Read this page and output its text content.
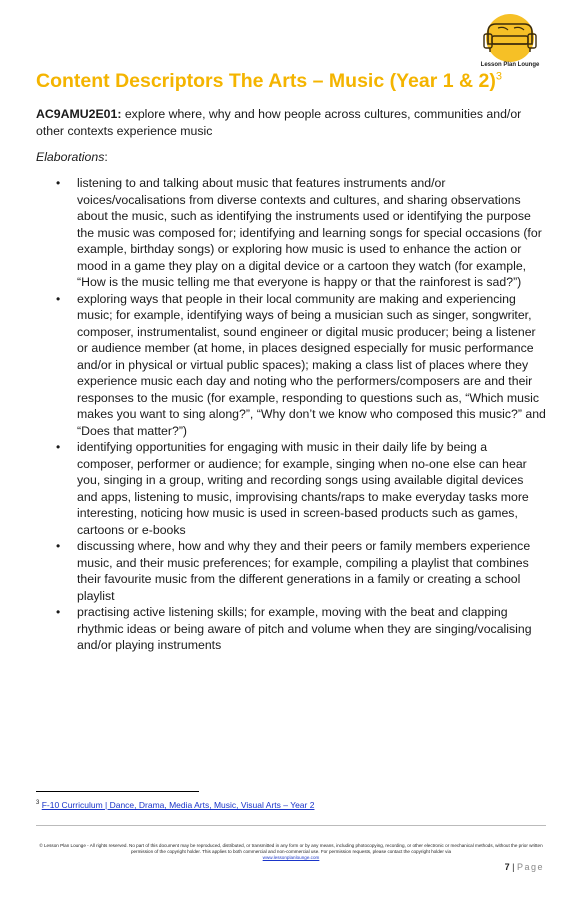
Lesson Plan Lounge
Content Descriptors The Arts – Music (Year 1 & 2)$^3$
AC9AMU2E01: explore where, why and how people across cultures, communities and/or other contexts experience music
Elaborations:
• listening to and talking about music that features instruments and/or voices/vocalisations from diverse contexts and cultures, and sharing observations about the music, such as identifying the instruments used or identifying the purpose the music was composed for; identifying and learning songs for special occasions (for example, birthday songs) or exploring how music is used to enhance the action or mood in a game they play on a digital device or a cartoon they watch (for example, “How is the music telling me that everyone is happy or that the rainforest is sad?”)
• exploring ways that people in their local community are making and experiencing music; for example, identifying ways of being a musician such as singer, songwriter, composer, instrumentalist, sound engineer or digital music producer; being a listener or audience member (at home, in places designed especially for music performance and/or in physical or virtual public spaces); making a class list of places where they experience music each day and noting who the performers/composers are and their responses to the music (for example, responding to questions such as, “Which music makes you want to sing along?”, “Why don’t we know who composed this music?” and “Does that matter?”)
• identifying opportunities for engaging with music in their daily life by being a composer, performer or audience; for example, singing when no-one else can hear you, singing in a group, writing and recording songs using available digital devices and apps, listening to music, improvising chants/raps to make everyday tasks more interesting, noticing how music is used in screen-based products such as games, cartoons or e-books
• discussing where, how and why they and their peers or family members experience music, and their music preferences; for example, compiling a playlist that combines their favourite music from the different generations in a family or creating a school playlist
• practising active listening skills; for example, moving with the beat and clapping rhythmic ideas or being aware of pitch and volume when they are singing/vocalising and/or playing instruments
$^3$ F-10 Curriculum | Dance, Drama, Media Arts, Music, Visual Arts – Year 2
© Lesson Plan Lounge - All rights reserved. No part of this document may be reproduced, distributed, or transmitted in any form or by any means, including photocopying, recording, or other electronic or mechanical methods, without the prior written permission of the copyright holder. This applies to both commercial and non-commercial use. For permission requests, please contact the copyright holder via
www.lessonplanlounge.com
7 | Page
